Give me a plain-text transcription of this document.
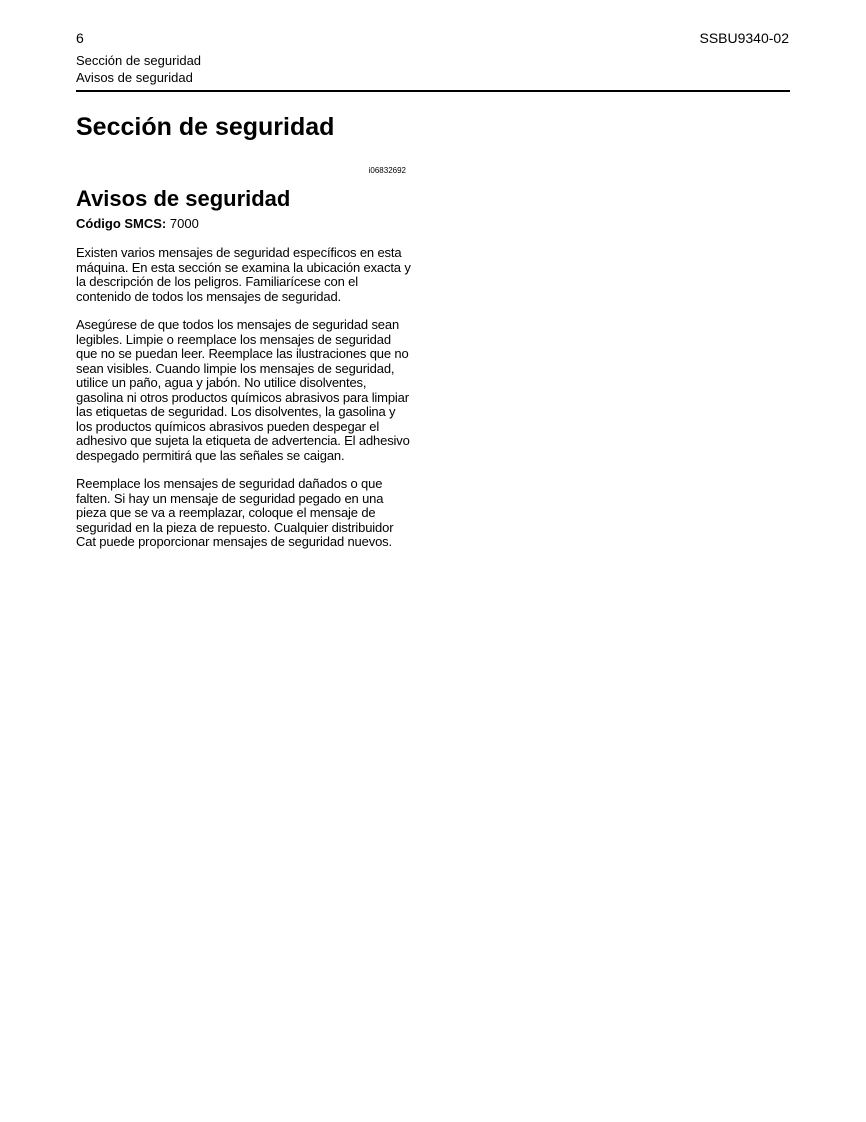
6	SSBU9340-02
Sección de seguridad
Avisos de seguridad
Sección de seguridad

i06832692

Avisos de seguridad

Código SMCS: 7000

Existen varios mensajes de seguridad específicos en esta máquina. En esta sección se examina la ubicación exacta y la descripción de los peligros. Familiarícese con el contenido de todos los mensajes de seguridad.

Asegúrese de que todos los mensajes de seguridad sean legibles. Limpie o reemplace los mensajes de seguridad que no se puedan leer. Reemplace las ilustraciones que no sean visibles. Cuando limpie los mensajes de seguridad, utilice un paño, agua y jabón. No utilice disolventes, gasolina ni otros productos químicos abrasivos para limpiar las etiquetas de seguridad. Los disolventes, la gasolina y los productos químicos abrasivos pueden despegar el adhesivo que sujeta la etiqueta de advertencia. El adhesivo despegado permitirá que las señales se caigan.

Reemplace los mensajes de seguridad dañados o que falten. Si hay un mensaje de seguridad pegado en una pieza que se va a reemplazar, coloque el mensaje de seguridad en la pieza de repuesto. Cualquier distribuidor Cat puede proporcionar mensajes de seguridad nuevos.
